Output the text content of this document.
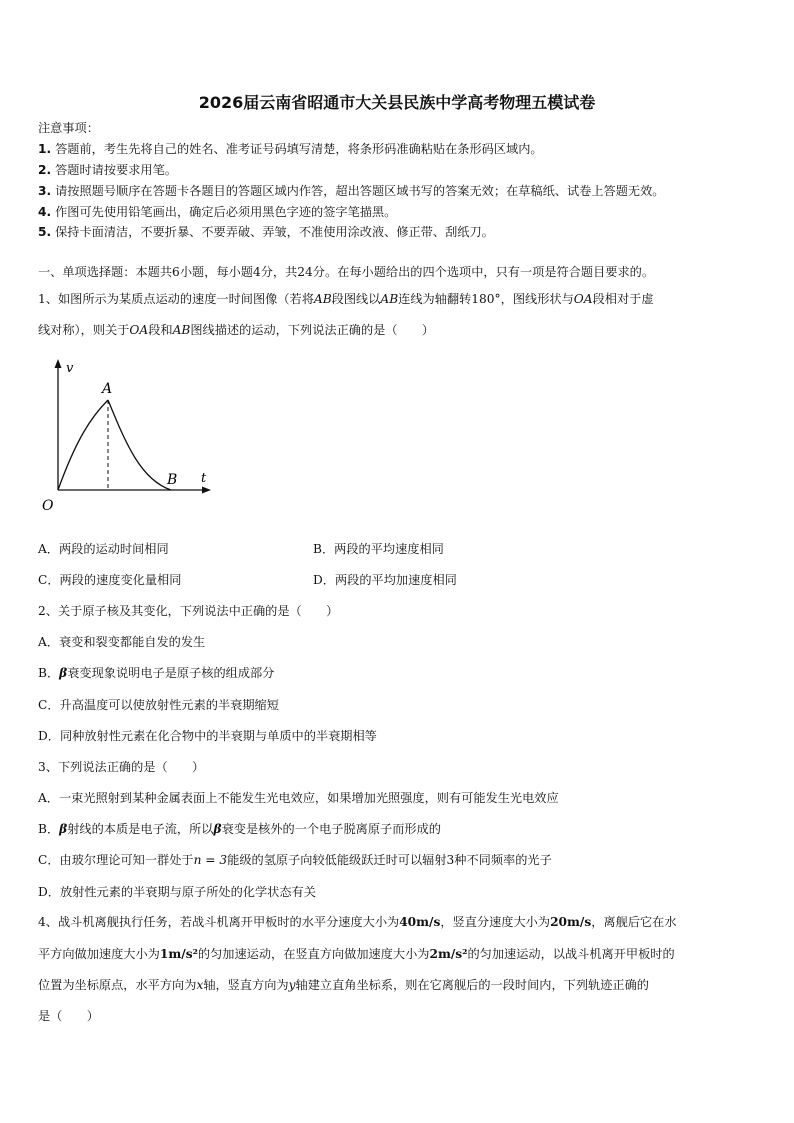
2026届云南省昭通市大关县民族中学高考物理五模试卷
注意事项：
1. 答题前，考生先将自己的姓名、准考证号码填写清楚，将条形码准确粘贴在条形码区域内。
2. 答题时请按要求用笔。
3. 请按照题号顺序在答题卡各题目的答题区域内作答，超出答题区域书写的答案无效；在草稿纸、试卷上答题无效。
4. 作图可先使用铅笔画出，确定后必须用黑色字迹的签字笔描黑。
5. 保持卡面清洁，不要折暴、不要弄破、弄皱，不准使用涂改液、修正带、刮纸刀。
一、单项选择题：本题共6小题，每小题4分，共24分。在每小题给出的四个选项中，只有一项是符合题目要求的。
1、如图所示为某质点运动的速度一时间图像（若将AB段图线以AB连线为轴翻转180°，图线形状与OA段相对于虚
线对称），则关于OA段和AB图线描述的运动，下列说法正确的是（　　）
v
t
O
A
B
A．两段的运动时间相同	B．两段的平均速度相同
C．两段的速度变化量相同	D．两段的平均加速度相同
2、关于原子核及其变化，下列说法中正确的是（　　）
A．衰变和裂变都能自发的发生
B．β衰变现象说明电子是原子核的组成部分
C．升高温度可以使放射性元素的半衰期缩短
D．同种放射性元素在化合物中的半衰期与单质中的半衰期相等
3、下列说法正确的是（　　）
A．一束光照射到某种金属表面上不能发生光电效应，如果增加光照强度，则有可能发生光电效应
B．β射线的本质是电子流，所以β衰变是核外的一个电子脱离原子而形成的
C．由玻尔理论可知一群处于n = 3能级的氢原子向较低能级跃迁时可以辐射3种不同频率的光子
D．放射性元素的半衰期与原子所处的化学状态有关
4、战斗机离舰执行任务，若战斗机离开甲板时的水平分速度大小为40m/s，竖直分速度大小为20m/s，离舰后它在水
平方向做加速度大小为1m/s²的匀加速运动，在竖直方向做加速度大小为2m/s²的匀加速运动，以战斗机离开甲板时的
位置为坐标原点，水平方向为x轴，竖直方向为y轴建立直角坐标系，则在它离舰后的一段时间内，下列轨迹正确的
是（　　）
